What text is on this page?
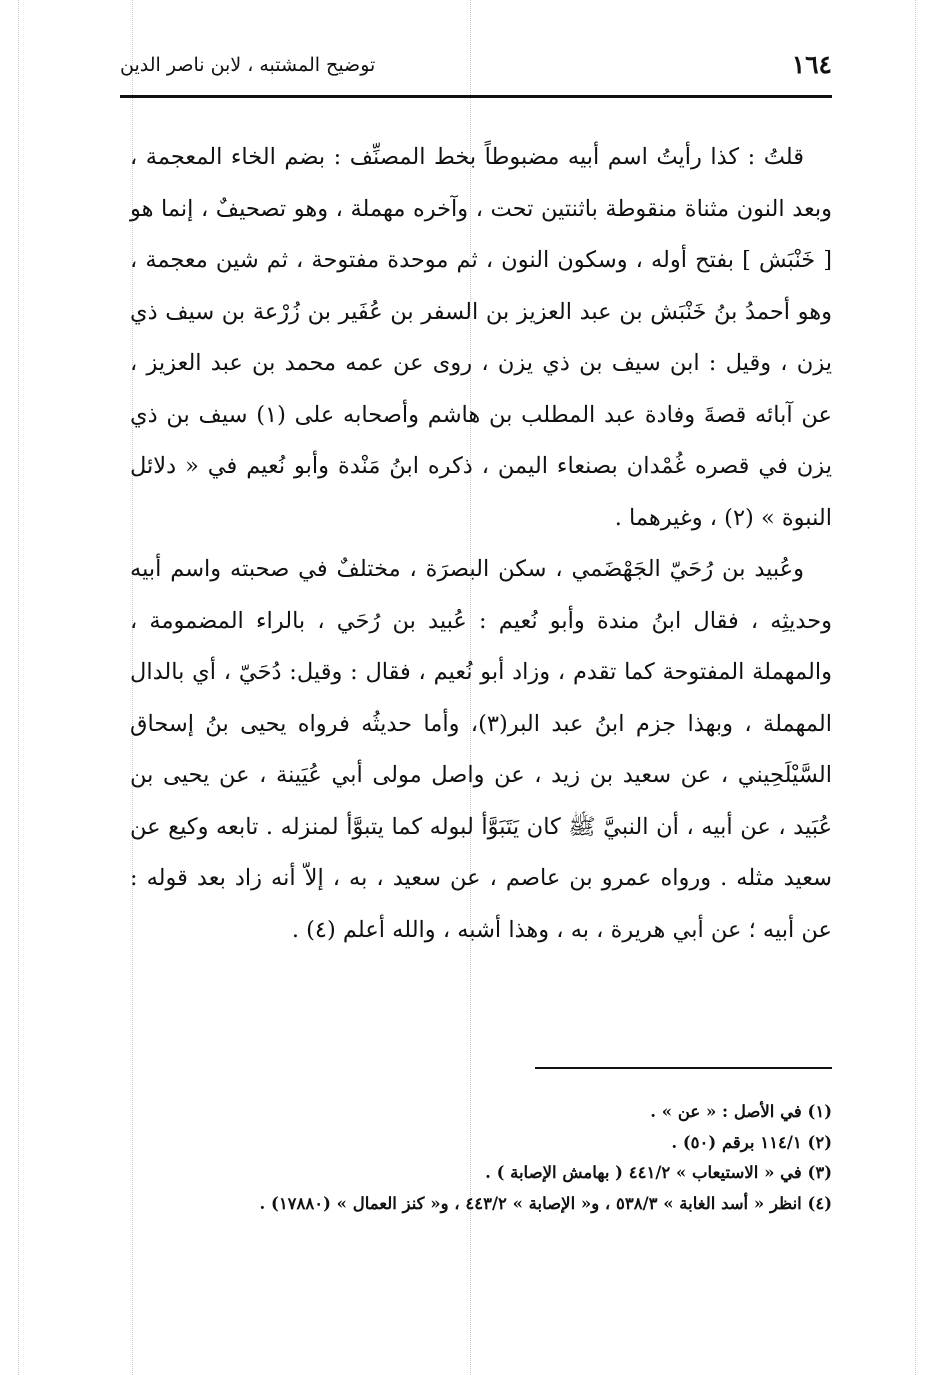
١٦٤
توضيح المشتبه ، لابن ناصر الدين

قلتُ : كذا رأيتُ اسم أبيه مضبوطاً بخط المصنِّف : بضم الخاء المعجمة ، وبعد النون مثناة منقوطة باثنتين تحت ، وآخره مهملة ، وهو تصحيفٌ ، إنما هو [ خَنْبَش ] بفتح أوله ، وسكون النون ، ثم موحدة مفتوحة ، ثم شين معجمة ، وهو أحمدُ بنُ خَنْبَش بن عبد العزيز بن السفر بن عُفَير بن زُرْعة بن سيف ذي يزن ، وقيل : ابن سيف بن ذي يزن ، روى عن عمه محمد بن عبد العزيز ، عن آبائه قصةَ وفادة عبد المطلب بن هاشم وأصحابه على (١) سيف بن ذي يزن في قصره غُمْدان بصنعاء اليمن ، ذكره ابنُ مَنْدة وأبو نُعيم في « دلائل النبوة » (٢) ، وغيرهما .

وعُبيد بن رُحَيّ الجَهْضَمي ، سكن البصرَة ، مختلفٌ في صحبته واسم أبيه وحديثِه ، فقال ابنُ مندة وأبو نُعيم : عُبيد بن رُحَي ، بالراء المضمومة ، والمهملة المفتوحة كما تقدم ، وزاد أبو نُعيم ، فقال : وقيل: دُحَيّ ، أي بالدال المهملة ، وبهذا جزم ابنُ عبد البر(٣)، وأما حديثُه فرواه يحيى بنُ إسحاق السَّيْلَحِيني ، عن سعيد بن زيد ، عن واصل مولى أبي عُيَينة ، عن يحيى بن عُبَيد ، عن أبيه ، أن النبيَّ ﷺ كان يَتَبَوَّأ لبوله كما يتبوَّأ لمنزله . تابعه وكيع عن سعيد مثله . ورواه عمرو بن عاصم ، عن سعيد ، به ، إلاّ أنه زاد بعد قوله : عن أبيه ؛ عن أبي هريرة ، به ، وهذا أشبه ، والله أعلم (٤) .

(١) في الأصل : « عن » .
(٢) ١١٤/١ برقم (٥٠) .
(٣) في « الاستيعاب » ٤٤١/٢ ( بهامش الإصابة ) .
(٤) انظر « أسد الغابة » ٥٣٨/٣ ، و« الإصابة » ٤٤٣/٢ ، و« كنز العمال » (١٧٨٨٠) .
